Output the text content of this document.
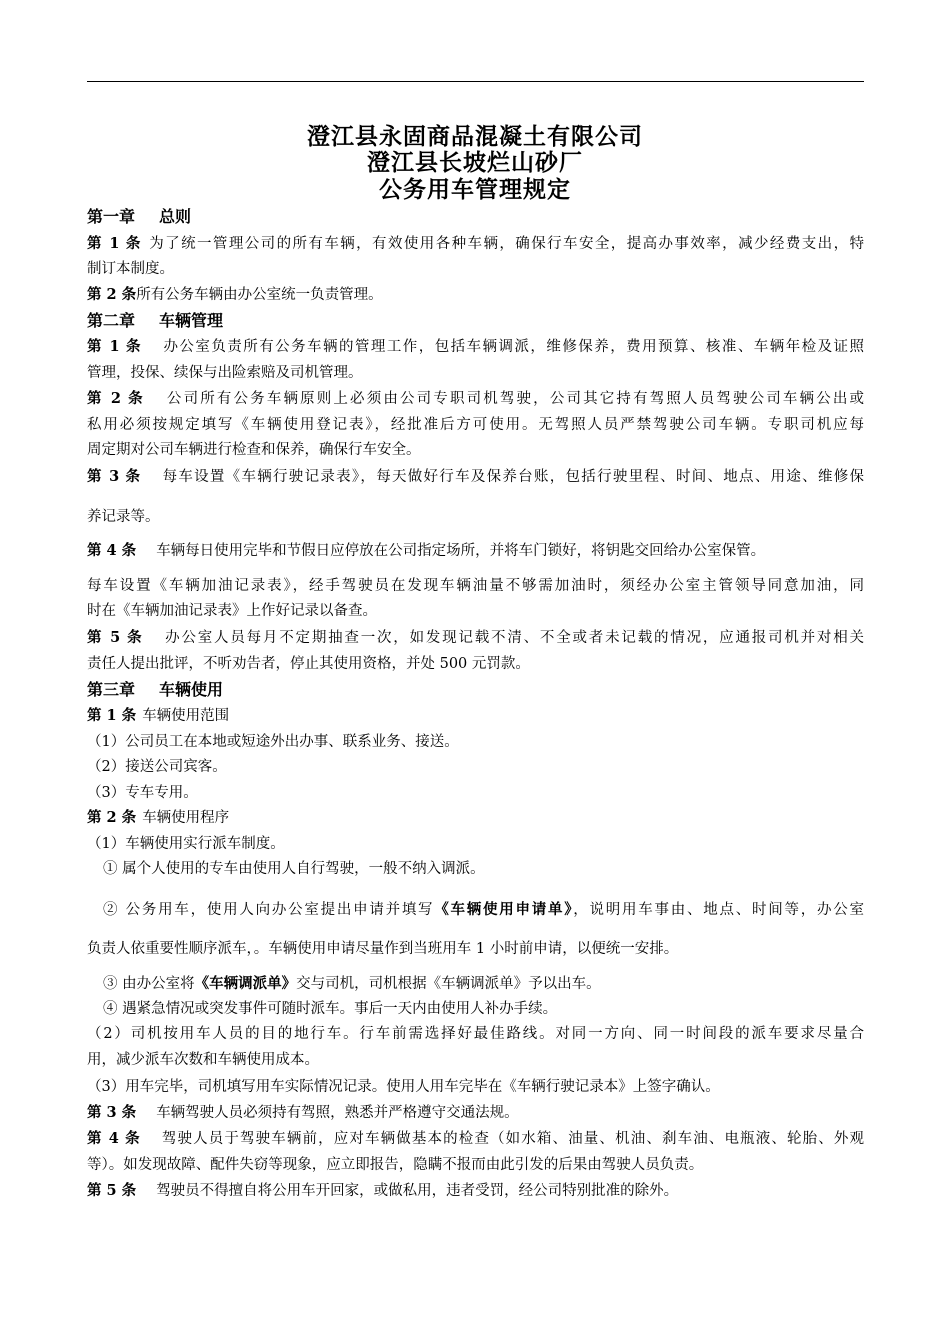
澄江县永固商品混凝土有限公司
澄江县长坡烂山砂厂
公务用车管理规定
第一章 总则
第 1 条 为了统一管理公司的所有车辆，有效使用各种车辆，确保行车安全，提高办事效率，减少经费支出，特
制订本制度。
第 2 条所有公务车辆由办公室统一负责管理。
第二章 车辆管理
第 1 条 办公室负责所有公务车辆的管理工作，包括车辆调派，维修保养，费用预算、核准、车辆年检及证照
管理，投保、续保与出险索赔及司机管理。
第 2 条 公司所有公务车辆原则上必须由公司专职司机驾驶，公司其它持有驾照人员驾驶公司车辆公出或
私用必须按规定填写《车辆使用登记表》，经批准后方可使用。无驾照人员严禁驾驶公司车辆。专职司机应每
周定期对公司车辆进行检查和保养，确保行车安全。
第 3 条 每车设置《车辆行驶记录表》，每天做好行车及保养台账，包括行驶里程、时间、地点、用途、维修保
养记录等。
第 4 条 车辆每日使用完毕和节假日应停放在公司指定场所，并将车门锁好，将钥匙交回给办公室保管。
每车设置《车辆加油记录表》，经手驾驶员在发现车辆油量不够需加油时，须经办公室主管领导同意加油，同
时在《车辆加油记录表》上作好记录以备查。
第 5 条 办公室人员每月不定期抽查一次，如发现记载不清、不全或者未记载的情况，应通报司机并对相关
责任人提出批评，不听劝告者，停止其使用资格，并处 500 元罚款。
第三章 车辆使用
第 1 条 车辆使用范围
（1）公司员工在本地或短途外出办事、联系业务、接送。
（2）接送公司宾客。
（3）专车专用。
第 2 条 车辆使用程序
（1）车辆使用实行派车制度。
① 属个人使用的专车由使用人自行驾驶，一般不纳入调派。
② 公务用车，使用人向办公室提出申请并填写《车辆使用申请单》，说明用车事由、地点、时间等，办公室
负责人依重要性顺序派车，。车辆使用申请尽量作到当班用车 1 小时前申请，以便统一安排。
③ 由办公室将《车辆调派单》交与司机，司机根据《车辆调派单》予以出车。
④ 遇紧急情况或突发事件可随时派车。事后一天内由使用人补办手续。
（2）司机按用车人员的目的地行车。行车前需选择好最佳路线。对同一方向、同一时间段的派车要求尽量合
用，减少派车次数和车辆使用成本。
（3）用车完毕，司机填写用车实际情况记录。使用人用车完毕在《车辆行驶记录本》上签字确认。
第 3 条 车辆驾驶人员必须持有驾照，熟悉并严格遵守交通法规。
第 4 条 驾驶人员于驾驶车辆前，应对车辆做基本的检查（如水箱、油量、机油、刹车油、电瓶液、轮胎、外观
等）。如发现故障、配件失窃等现象，应立即报告，隐瞒不报而由此引发的后果由驾驶人员负责。
第 5 条 驾驶员不得擅自将公用车开回家，或做私用，违者受罚，经公司特别批准的除外。
